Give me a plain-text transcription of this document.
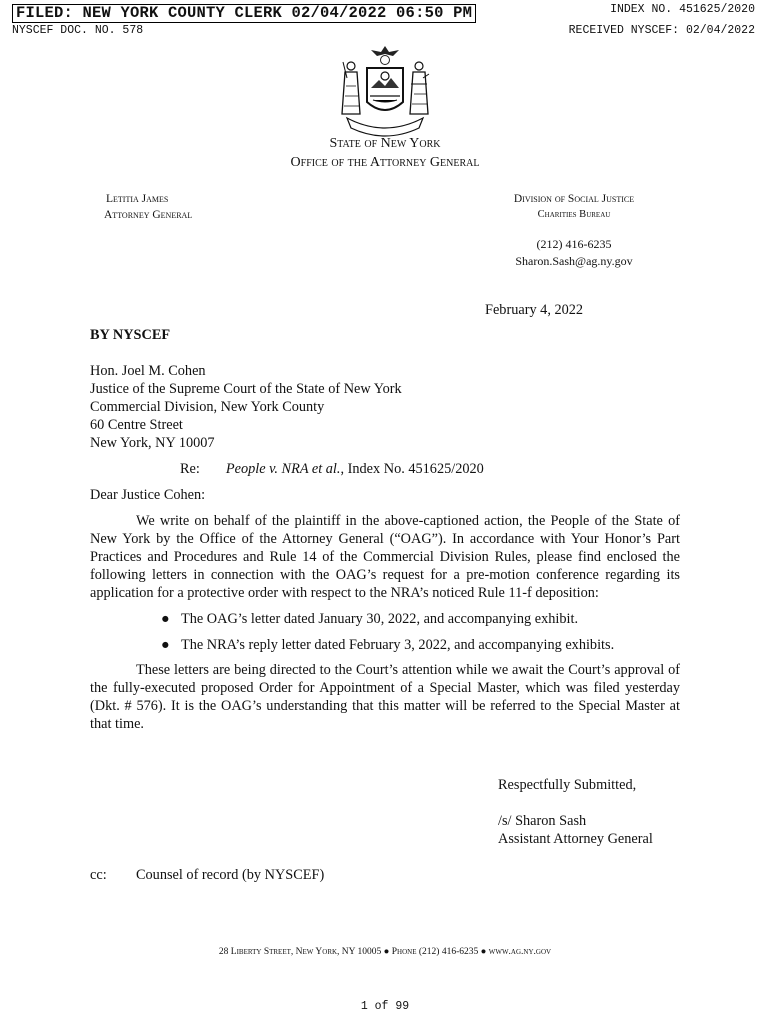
FILED: NEW YORK COUNTY CLERK 02/04/2022 06:50 PM
NYSCEF DOC. NO. 578
INDEX NO. 451625/2020
RECEIVED NYSCEF: 02/04/2022
State of New York
Office of the Attorney General
Letitia James
Attorney General
Division of Social Justice
Charities Bureau
(212) 416-6235
Sharon.Sash@ag.ny.gov
February 4, 2022
BY NYSCEF
Hon. Joel M. Cohen
Justice of the Supreme Court of the State of New York
Commercial Division, New York County
60 Centre Street
New York, NY 10007
Re: People v. NRA et al., Index No. 451625/2020
Dear Justice Cohen:

We write on behalf of the plaintiff in the above-captioned action, the People of the State of New York by the Office of the Attorney General (“OAG”). In accordance with Your Honor’s Part Practices and Procedures and Rule 14 of the Commercial Division Rules, please find enclosed the following letters in connection with the OAG’s request for a pre-motion conference regarding its application for a protective order with respect to the NRA’s noticed Rule 11-f deposition:

● The OAG’s letter dated January 30, 2022, and accompanying exhibit.
● The NRA’s reply letter dated February 3, 2022, and accompanying exhibits.

These letters are being directed to the Court’s attention while we await the Court’s approval of the fully-executed proposed Order for Appointment of a Special Master, which was filed yesterday (Dkt. # 576). It is the OAG’s understanding that this matter will be referred to the Special Master at that time.

Respectfully Submitted,
/s/ Sharon Sash
Assistant Attorney General
cc: Counsel of record (by NYSCEF)
28 Liberty Street, New York, NY 10005 ● Phone (212) 416-6235 ● www.ag.ny.gov
1 of 99
